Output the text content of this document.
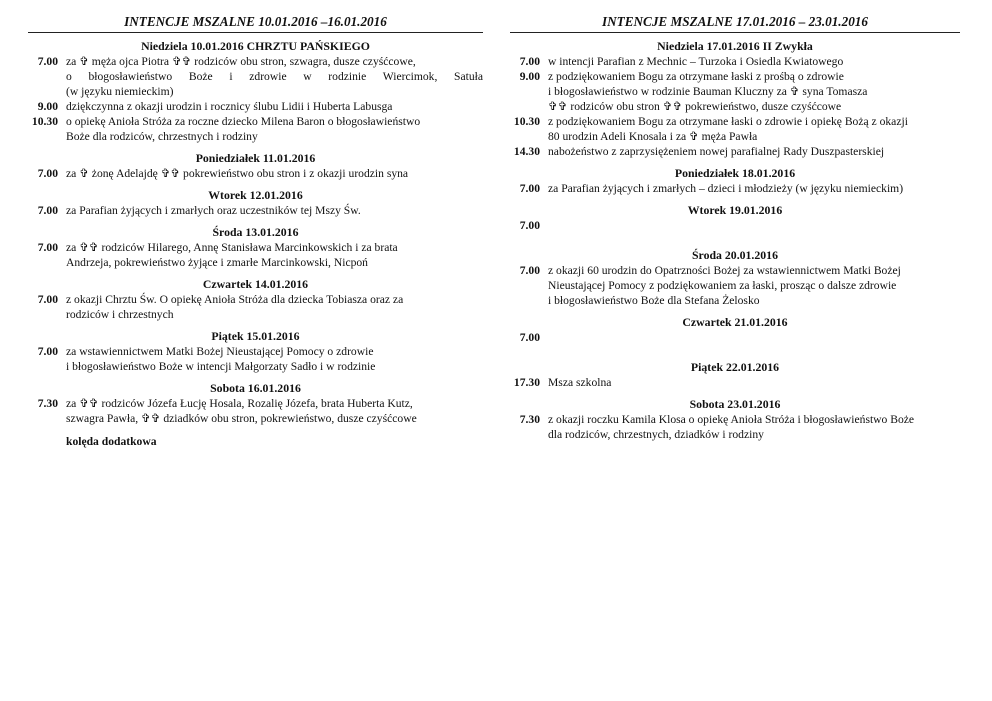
INTENCJE MSZALNE 10.01.2016 –16.01.2016
Niedziela 10.01.2016 CHRZTU PAŃSKIEGO
7.00 za ✞ męża ojca Piotra ✞✞ rodziców obu stron, szwagra, dusze czyśćcowe,
o błogosławieństwo Boże i zdrowie w rodzinie Wiercimok, Satuła
(w języku niemieckim)
9.00 dziękczynna z okazji urodzin i rocznicy ślubu Lidii i Huberta Labusga
10.30 o opiekę Anioła Stróża za roczne dziecko Milena Baron o błogosławieństwo
Boże dla rodziców, chrzestnych i rodziny
Poniedziałek 11.01.2016
7.00 za ✞ żonę Adelajdę ✞✞ pokrewieństwo obu stron i z okazji urodzin syna
Wtorek 12.01.2016
7.00 za Parafian żyjących i zmarłych oraz uczestników tej Mszy Św.
Środa 13.01.2016
7.00 za ✞✞ rodziców Hilarego, Annę Stanisława Marcinkowskich i za brata
Andrzeja, pokrewieństwo żyjące i zmarłe Marcinkowski, Nicpoń
Czwartek 14.01.2016
7.00 z okazji Chrztu Św. O opiekę Anioła Stróża dla dziecka Tobiasza oraz za
rodziców i chrzestnych
Piątek 15.01.2016
7.00 za wstawiennictwem Matki Bożej Nieustającej Pomocy o zdrowie
i błogosławieństwo Boże w intencji Małgorzaty Sadło i w rodzinie
Sobota 16.01.2016
7.30 za ✞✞ rodziców Józefa Łucję Hosala, Rozalię Józefa, brata Huberta Kutz,
szwagra Pawła, ✞✞ dziadków obu stron, pokrewieństwo, dusze czyśćcowe
kolęda dodatkowa
INTENCJE MSZALNE 17.01.2016 – 23.01.2016
Niedziela 17.01.2016 II Zwykła
7.00 w intencji Parafian z Mechnic – Turzoka i Osiedla Kwiatowego
9.00 z podziękowaniem Bogu za otrzymane łaski z prośbą o zdrowie
i błogosławieństwo w rodzinie Bauman Kluczny za ✞ syna Tomasza
✞✞ rodziców obu stron ✞✞ pokrewieństwo, dusze czyśćcowe
10.30 z podziękowaniem Bogu za otrzymane łaski o zdrowie i opiekę Bożą z okazji
80 urodzin Adeli Knosala i za ✞ męża Pawła
14.30 nabożeństwo z zaprzysiężeniem nowej parafialnej Rady Duszpasterskiej
Poniedziałek 18.01.2016
7.00 za Parafian żyjących i zmarłych – dzieci i młodzieży (w języku niemieckim)
Wtorek 19.01.2016
7.00

Środa 20.01.2016
7.00 z okazji 60 urodzin do Opatrzności Bożej za wstawiennictwem Matki Bożej
Nieustającej Pomocy z podziękowaniem za łaski, prosząc o dalsze zdrowie
i błogosławieństwo Boże dla Stefana Żelosko
Czwartek 21.01.2016
7.00

Piątek 22.01.2016
17.30 Msza szkolna
Sobota 23.01.2016
7.30 z okazji roczku Kamila Klosa o opiekę Anioła Stróża i błogosławieństwo Boże
dla rodziców, chrzestnych, dziadków i rodziny
